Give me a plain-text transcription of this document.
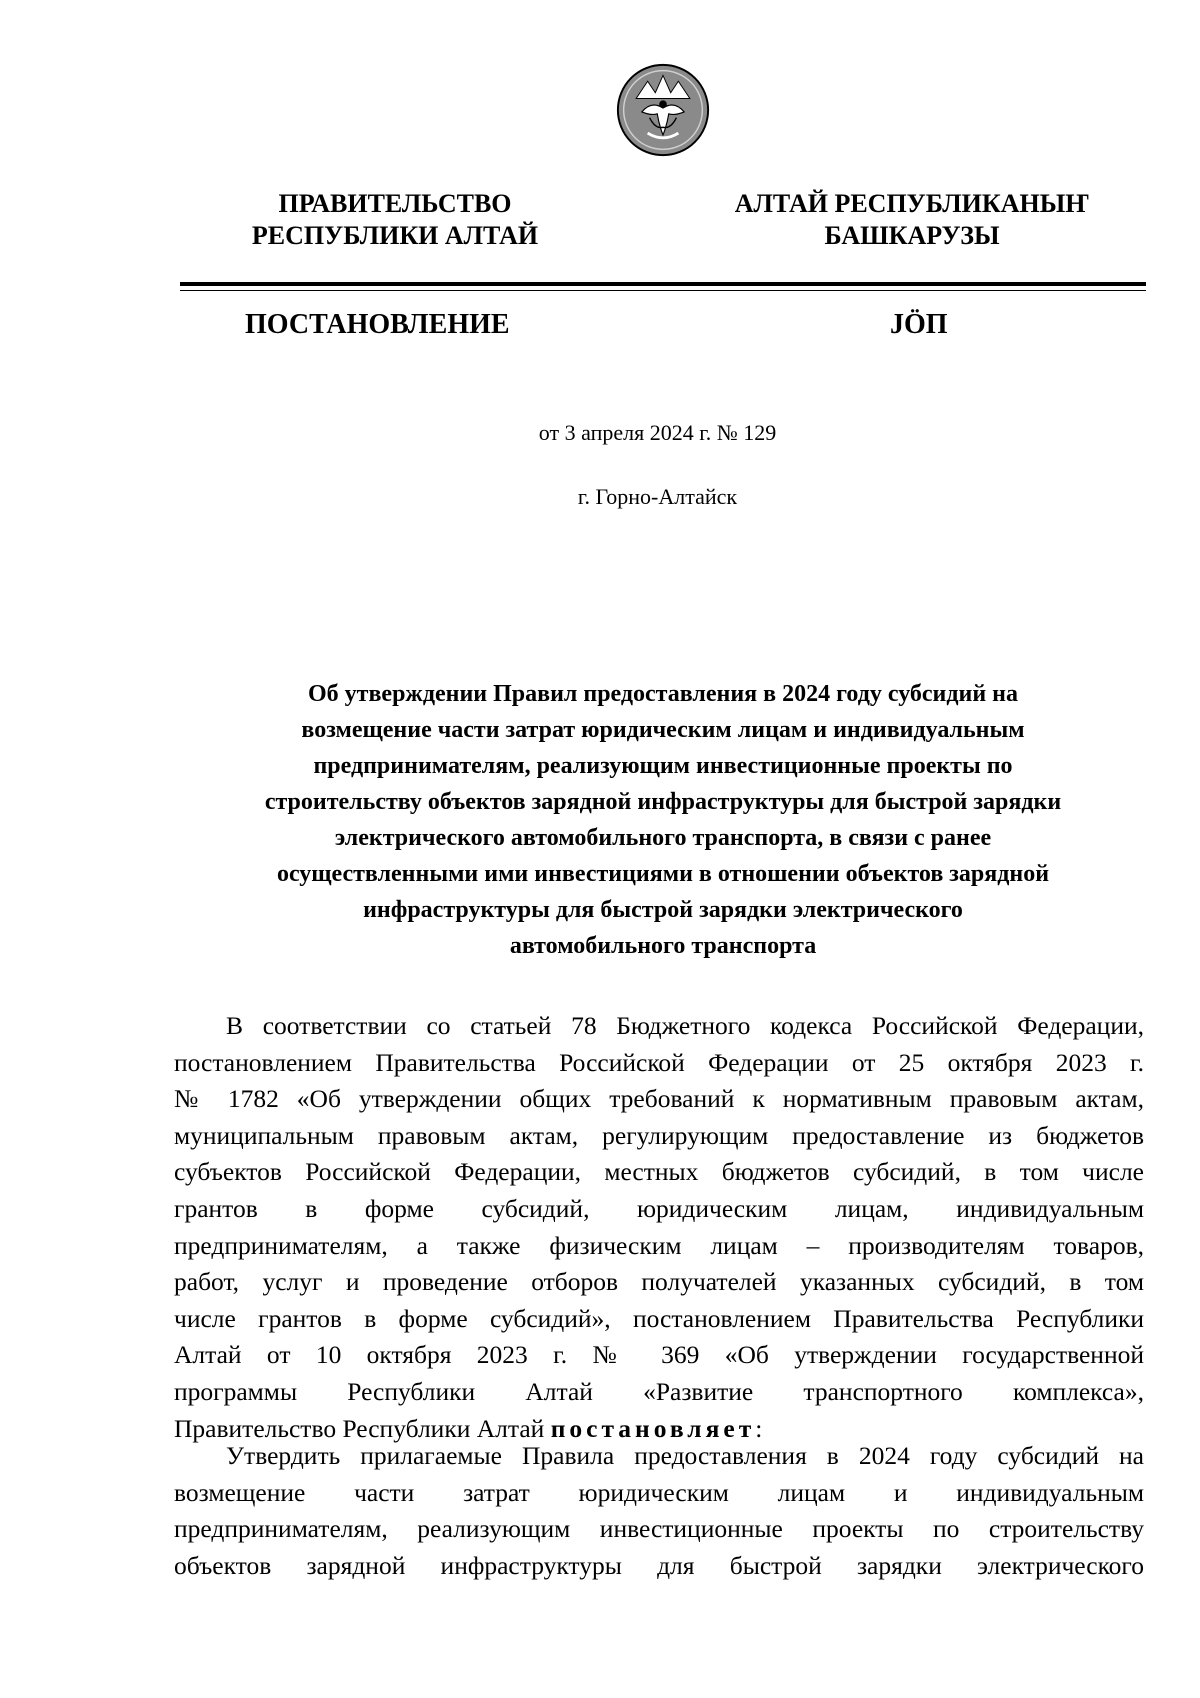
ПРАВИТЕЛЬСТВО
РЕСПУБЛИКИ АЛТАЙ
АЛТАЙ РЕСПУБЛИКАНЫҤ
БАШКАРУЗЫ
ПОСТАНОВЛЕНИЕ	JӦП
от 3 апреля 2024 г. № 129
г. Горно-Алтайск
Об утверждении Правил предоставления в 2024 году субсидий на
возмещение части затрат юридическим лицам и индивидуальным
предпринимателям, реализующим инвестиционные проекты по
строительству объектов зарядной инфраструктуры для быстрой зарядки
электрического автомобильного транспорта, в связи с ранее
осуществленными ими инвестициями в отношении объектов зарядной
инфраструктуры для быстрой зарядки электрического
автомобильного транспорта
В соответствии со статьей 78 Бюджетного кодекса Российской Федерации,
постановлением Правительства Российской Федерации от 25 октября 2023 г.
№ 1782 «Об утверждении общих требований к нормативным правовым актам,
муниципальным правовым актам, регулирующим предоставление из бюджетов
субъектов Российской Федерации, местных бюджетов субсидий, в том числе
грантов в форме субсидий, юридическим лицам, индивидуальным
предпринимателям, а также физическим лицам – производителям товаров,
работ, услуг и проведение отборов получателей указанных субсидий, в том
числе грантов в форме субсидий», постановлением Правительства Республики
Алтай от 10 октября 2023 г. № 369 «Об утверждении государственной
программы Республики Алтай «Развитие транспортного комплекса»,
Правительство Республики Алтай постановляет:
Утвердить прилагаемые Правила предоставления в 2024 году субсидий на
возмещение части затрат юридическим лицам и индивидуальным
предпринимателям, реализующим инвестиционные проекты по строительству
объектов зарядной инфраструктуры для быстрой зарядки электрического
